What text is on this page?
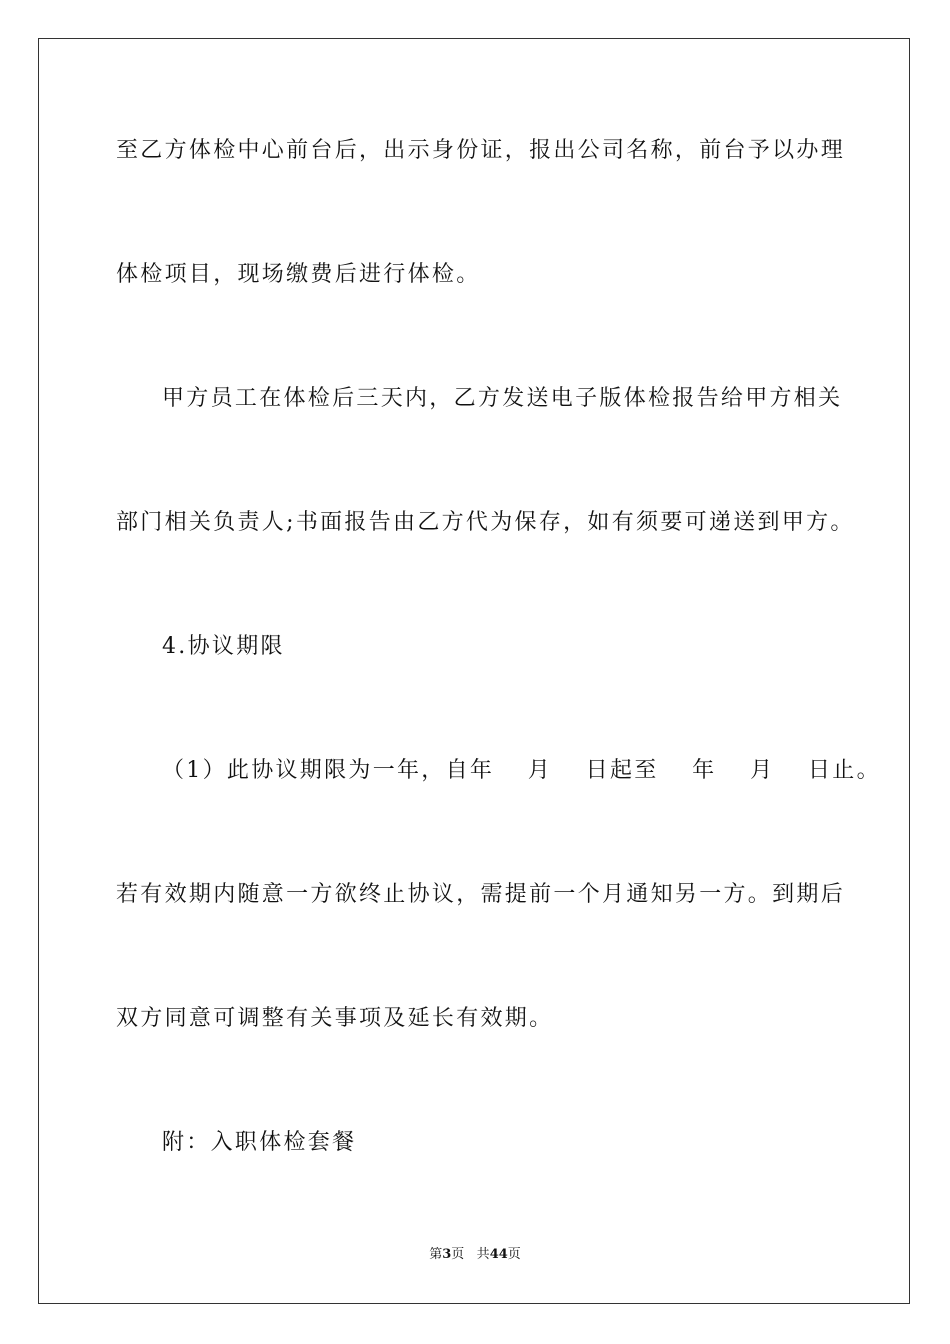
至乙方体检中心前台后，出示身份证，报出公司名称，前台予以办理
体检项目，现场缴费后进行体检。
甲方员工在体检后三天内，乙方发送电子版体检报告给甲方相关
部门相关负责人;书面报告由乙方代为保存，如有须要可递送到甲方。
4.协议期限
（1）此协议期限为一年，自年　 月　 日起至　 年　 月　 日止。
若有效期内随意一方欲终止协议，需提前一个月通知另一方。到期后
双方同意可调整有关事项及延长有效期。
附：入职体检套餐
第3页 共44页
